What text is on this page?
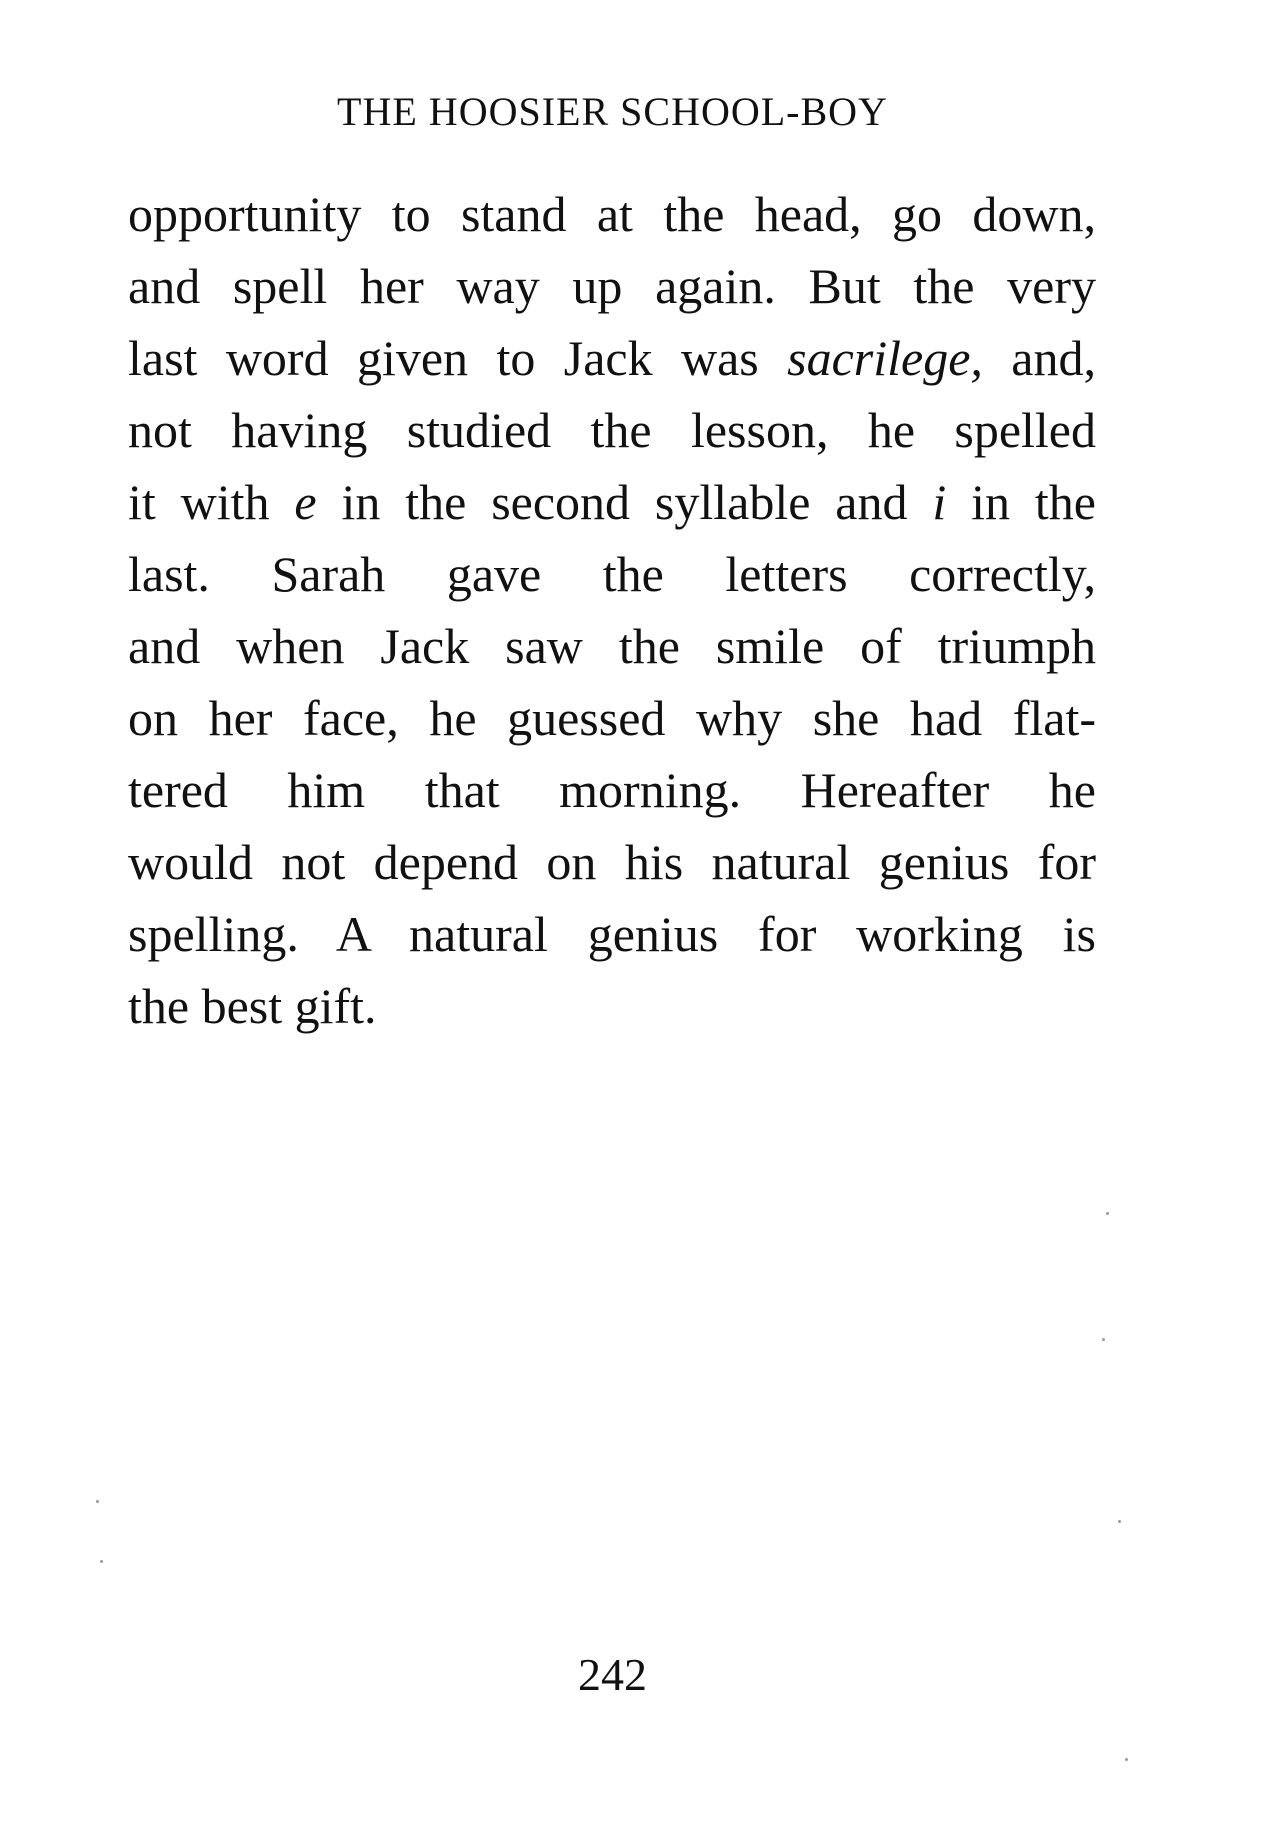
THE HOOSIER SCHOOL-BOY
opportunity to stand at the head, go down,
and spell her way up again. But the very
last word given to Jack was sacrilege, and,
not having studied the lesson, he spelled
it with e in the second syllable and i in the
last. Sarah gave the letters correctly,
and when Jack saw the smile of triumph
on her face, he guessed why she had flat-
tered him that morning. Hereafter he
would not depend on his natural genius for
spelling. A natural genius for working is
the best gift.
242
